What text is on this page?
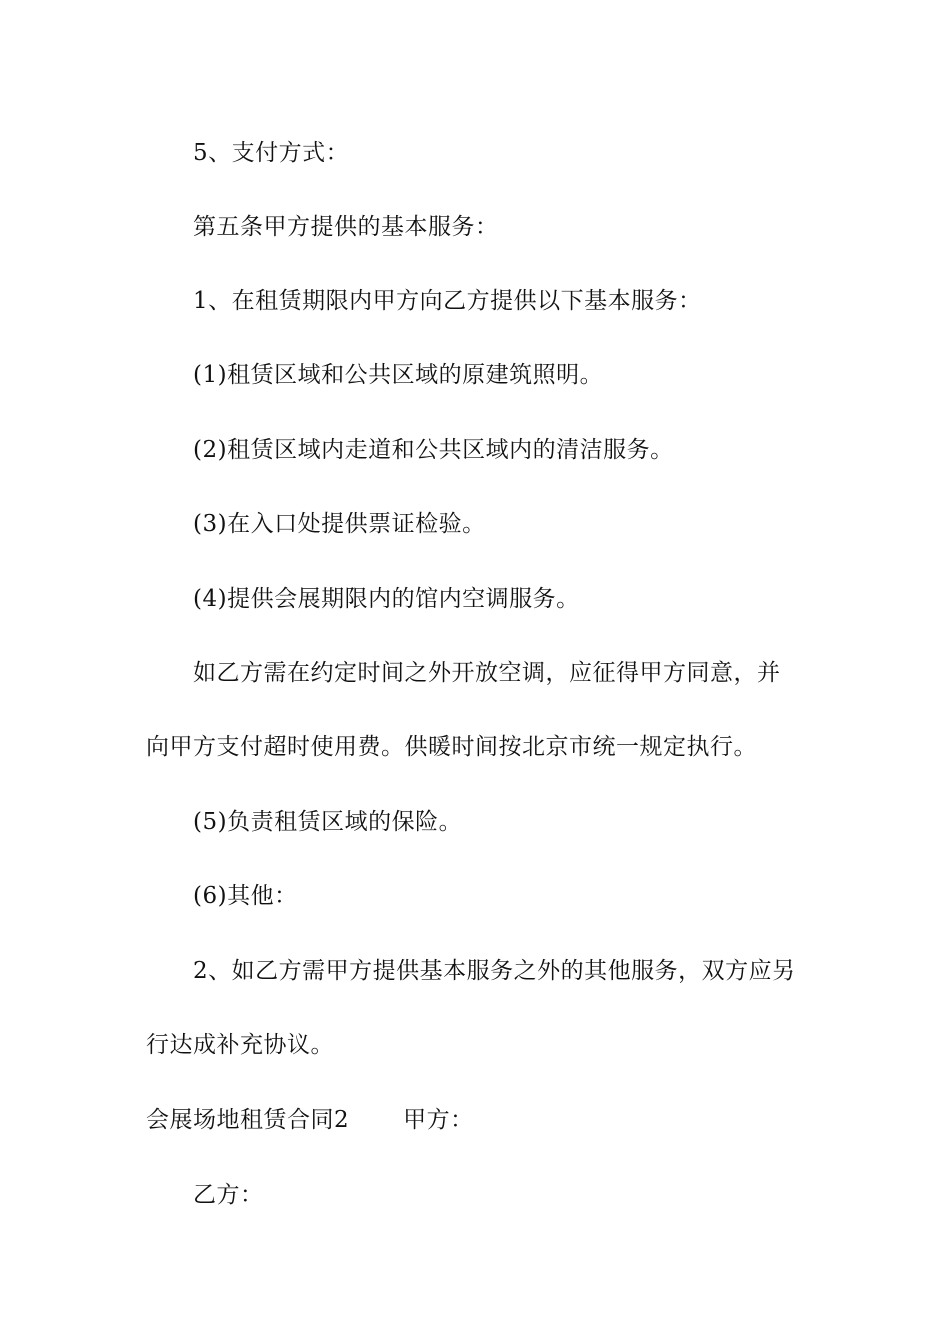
5、支付方式：
第五条甲方提供的基本服务：
1、在租赁期限内甲方向乙方提供以下基本服务：
(1)租赁区域和公共区域的原建筑照明。
(2)租赁区域内走道和公共区域内的清洁服务。
(3)在入口处提供票证检验。
(4)提供会展期限内的馆内空调服务。
如乙方需在约定时间之外开放空调，应征得甲方同意，并
向甲方支付超时使用费。供暖时间按北京市统一规定执行。
(5)负责租赁区域的保险。
(6)其他：
2、如乙方需甲方提供基本服务之外的其他服务，双方应另
行达成补充协议。
会展场地租赁合同2 甲方：
乙方：
